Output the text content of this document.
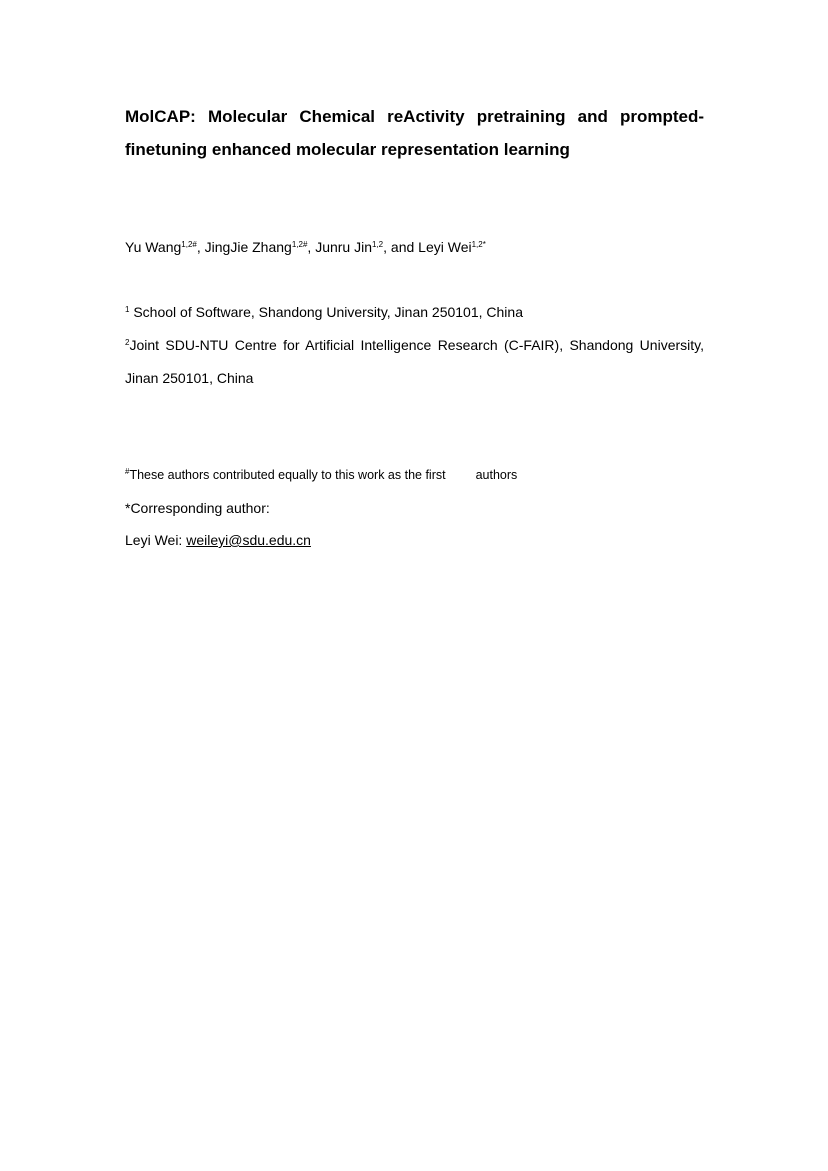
MolCAP: Molecular Chemical reActivity pretraining and prompted-finetuning enhanced molecular representation learning
Yu Wang$^{1,2\#}$, JingJie Zhang$^{1,2\#}$, Junru Jin$^{1,2}$, and Leyi Wei$^{1,2*}$
$^1$ School of Software, Shandong University, Jinan 250101, China
$^2$Joint SDU-NTU Centre for Artificial Intelligence Research (C-FAIR), Shandong University,
Jinan 250101, China
#These authors contributed equally to this work as the first authors
*Corresponding author:
Leyi Wei: weileyi@sdu.edu.cn
